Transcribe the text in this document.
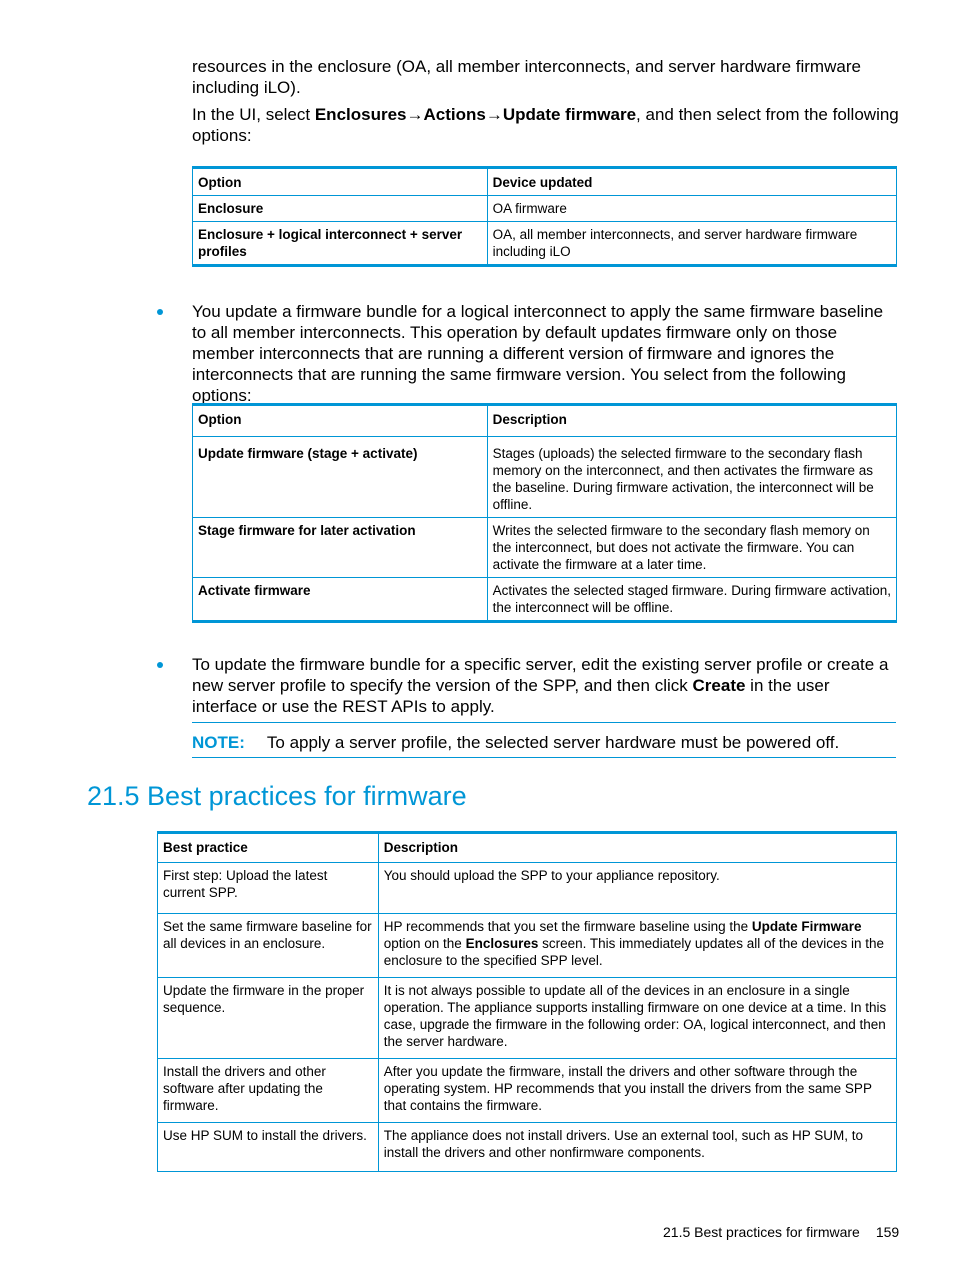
resources in the enclosure (OA, all member interconnects, and server hardware firmware
including iLO).
In the UI, select Enclosures→Actions→Update firmware, and then select from the following
options:
Option	Device updated
Enclosure	OA firmware
Enclosure + logical interconnect + server profiles	OA, all member interconnects, and server hardware firmware including iLO
You update a firmware bundle for a logical interconnect to apply the same firmware baseline to all member interconnects. This operation by default updates firmware only on those member interconnects that are running a different version of firmware and ignores the interconnects that are running the same firmware version. You select from the following options:
Option	Description
Update firmware (stage + activate)	Stages (uploads) the selected firmware to the secondary flash memory on the interconnect, and then activates the firmware as the baseline. During firmware activation, the interconnect will be offline.
Stage firmware for later activation	Writes the selected firmware to the secondary flash memory on the interconnect, but does not activate the firmware. You can activate the firmware at a later time.
Activate firmware	Activates the selected staged firmware. During firmware activation, the interconnect will be offline.
To update the firmware bundle for a specific server, edit the existing server profile or create a new server profile to specify the version of the SPP, and then click Create in the user interface or use the REST APIs to apply.
NOTE: To apply a server profile, the selected server hardware must be powered off.
21.5 Best practices for firmware
Best practice	Description
First step: Upload the latest current SPP.	You should upload the SPP to your appliance repository.
Set the same firmware baseline for all devices in an enclosure.	HP recommends that you set the firmware baseline using the Update Firmware option on the Enclosures screen. This immediately updates all of the devices in the enclosure to the specified SPP level.
Update the firmware in the proper sequence.	It is not always possible to update all of the devices in an enclosure in a single operation. The appliance supports installing firmware on one device at a time. In this case, upgrade the firmware in the following order: OA, logical interconnect, and then the server hardware.
Install the drivers and other software after updating the firmware.	After you update the firmware, install the drivers and other software through the operating system. HP recommends that you install the drivers from the same SPP that contains the firmware.
Use HP SUM to install the drivers.	The appliance does not install drivers. Use an external tool, such as HP SUM, to install the drivers and other nonfirmware components.
21.5 Best practices for firmware 159
